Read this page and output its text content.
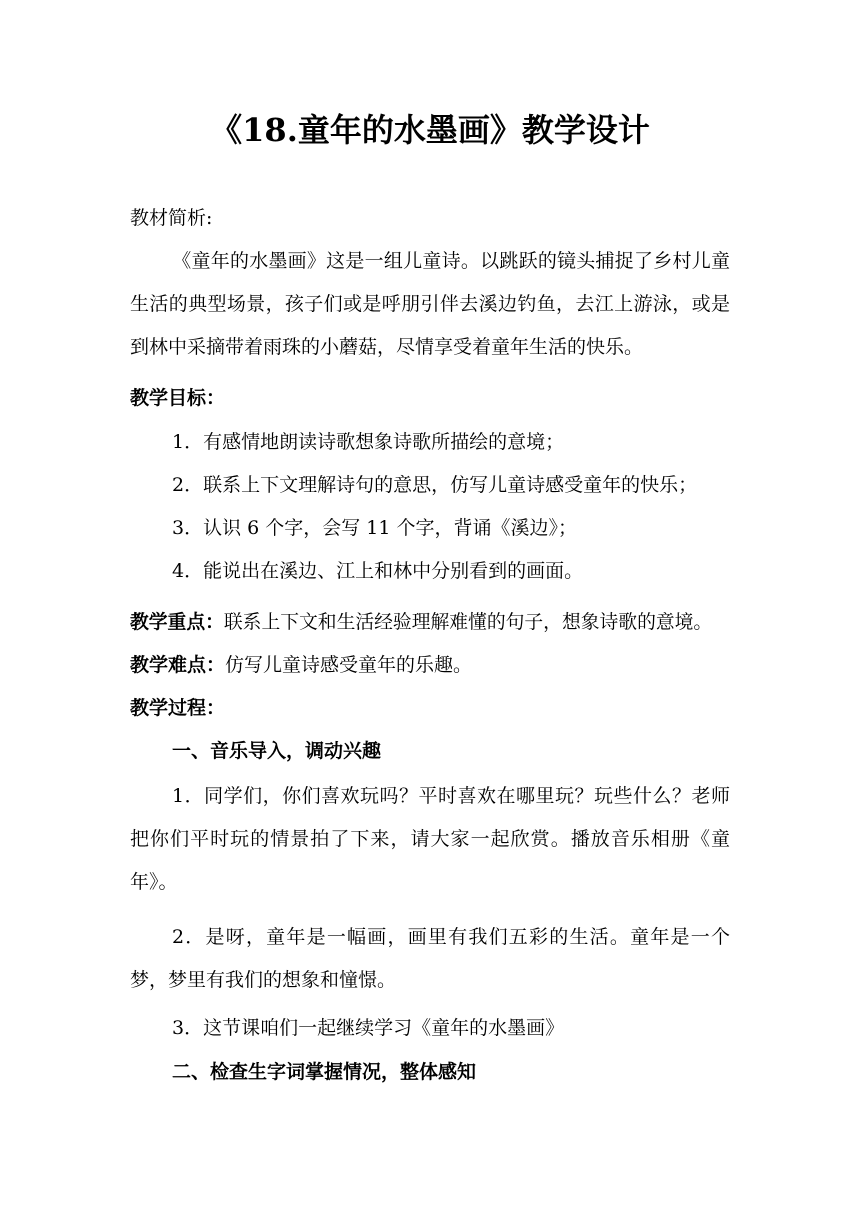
《18.童年的水墨画》教学设计
教材简析:
《童年的水墨画》这是一组儿童诗。以跳跃的镜头捕捉了乡村儿童生活的典型场景，孩子们或是呼朋引伴去溪边钓鱼，去江上游泳，或是到林中采摘带着雨珠的小蘑菇，尽情享受着童年生活的快乐。
教学目标：
1．有感情地朗读诗歌想象诗歌所描绘的意境；
2．联系上下文理解诗句的意思，仿写儿童诗感受童年的快乐；
3．认识 6 个字，会写 11 个字，背诵《溪边》；
4．能说出在溪边、江上和林中分别看到的画面。
教学重点：联系上下文和生活经验理解难懂的句子，想象诗歌的意境。
教学难点：仿写儿童诗感受童年的乐趣。
教学过程：
一、音乐导入，调动兴趣
1．同学们，你们喜欢玩吗？平时喜欢在哪里玩？玩些什么？老师把你们平时玩的情景拍了下来，请大家一起欣赏。播放音乐相册《童年》。
2．是呀，童年是一幅画，画里有我们五彩的生活。童年是一个梦，梦里有我们的想象和憧憬。
3．这节课咱们一起继续学习《童年的水墨画》
二、检查生字词掌握情况，整体感知
